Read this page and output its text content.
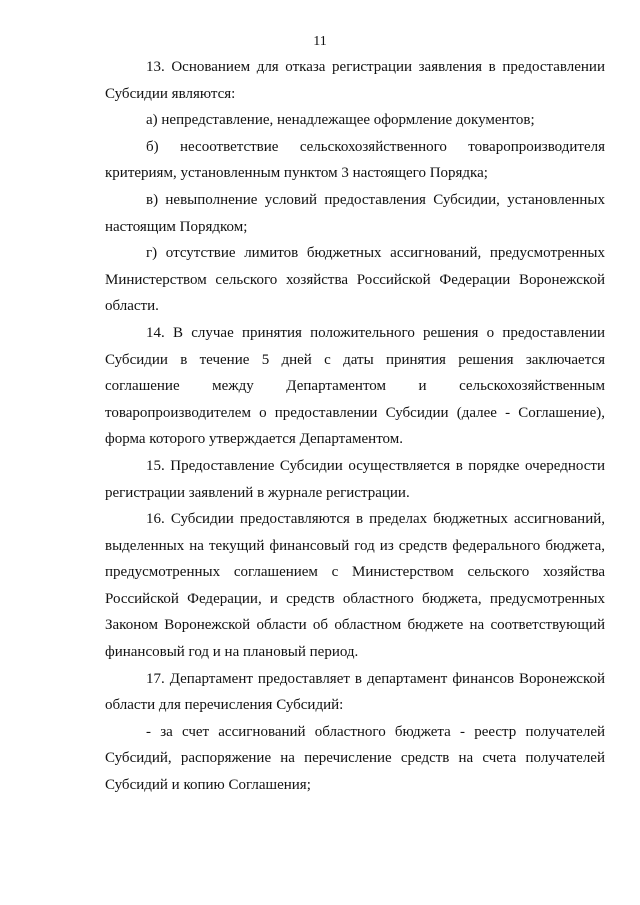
11

13. Основанием для отказа регистрации заявления в предоставлении Субсидии являются:

а) непредставление, ненадлежащее оформление документов;

б) несоответствие сельскохозяйственного товаропроизводителя критериям, установленным пунктом 3 настоящего Порядка;

в) невыполнение условий предоставления Субсидии, установленных настоящим Порядком;

г) отсутствие лимитов бюджетных ассигнований, предусмотренных Министерством сельского хозяйства Российской Федерации Воронежской области.

14. В случае принятия положительного решения о предоставлении Субсидии в течение 5 дней с даты принятия решения заключается соглашение между Департаментом и сельскохозяйственным товаропроизводителем о предоставлении Субсидии (далее - Соглашение), форма которого утверждается Департаментом.

15. Предоставление Субсидии осуществляется в порядке очередности регистрации заявлений в журнале регистрации.

16. Субсидии предоставляются в пределах бюджетных ассигнований, выделенных на текущий финансовый год из средств федерального бюджета, предусмотренных соглашением с Министерством сельского хозяйства Российской Федерации, и средств областного бюджета, предусмотренных Законом Воронежской области об областном бюджете на соответствующий финансовый год и на плановый период.

17. Департамент предоставляет в департамент финансов Воронежской области для перечисления Субсидий:

- за счет ассигнований областного бюджета - реестр получателей Субсидий, распоряжение на перечисление средств на счета получателей Субсидий и копию Соглашения;
